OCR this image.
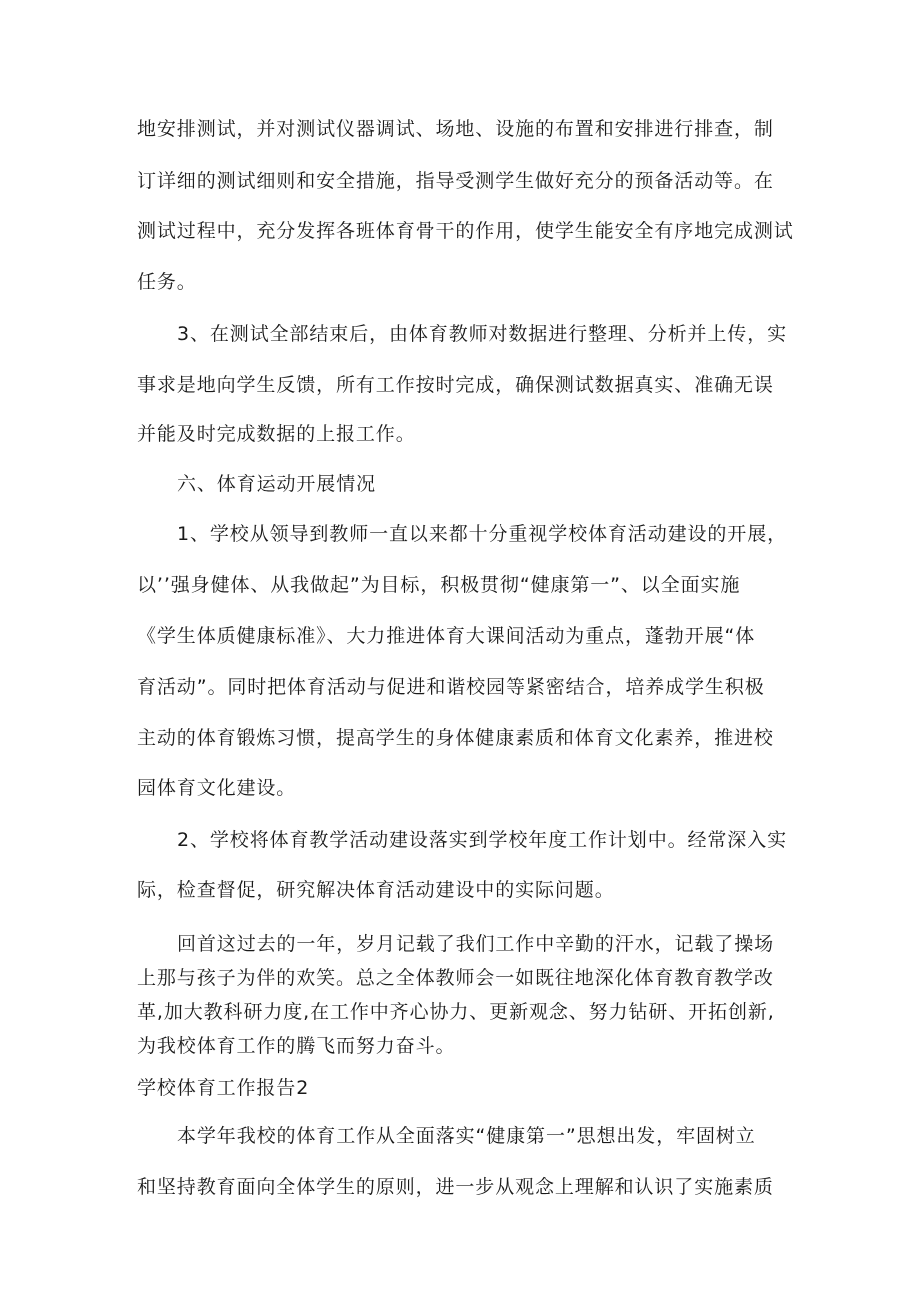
地安排测试，并对测试仪器调试、场地、设施的布置和安排进行排查，制
订详细的测试细则和安全措施，指导受测学生做好充分的预备活动等。在
测试过程中，充分发挥各班体育骨干的作用，使学生能安全有序地完成测试
任务。
3、在测试全部结束后，由体育教师对数据进行整理、分析并上传，实
事求是地向学生反馈，所有工作按时完成，确保测试数据真实、准确无误
并能及时完成数据的上报工作。
六、体育运动开展情况
1、学校从领导到教师一直以来都十分重视学校体育活动建设的开展，
以’’强身健体、从我做起”为目标，积极贯彻“健康第一”、以全面实施
《学生体质健康标准》、大力推进体育大课间活动为重点，蓬勃开展“体
育活动”。同时把体育活动与促进和谐校园等紧密结合，培养成学生积极
主动的体育锻炼习惯，提高学生的身体健康素质和体育文化素养，推进校
园体育文化建设。
2、学校将体育教学活动建设落实到学校年度工作计划中。经常深入实
际，检查督促，研究解决体育活动建设中的实际问题。
回首这过去的一年，岁月记载了我们工作中辛勤的汗水，记载了操场
上那与孩子为伴的欢笑。总之全体教师会一如既往地深化体育教育教学改
革,加大教科研力度,在工作中齐心协力、更新观念、努力钻研、开拓创新,
为我校体育工作的腾飞而努力奋斗。
学校体育工作报告2
本学年我校的体育工作从全面落实“健康第一”思想出发，牢固树立
和坚持教育面向全体学生的原则，进一步从观念上理解和认识了实施素质
